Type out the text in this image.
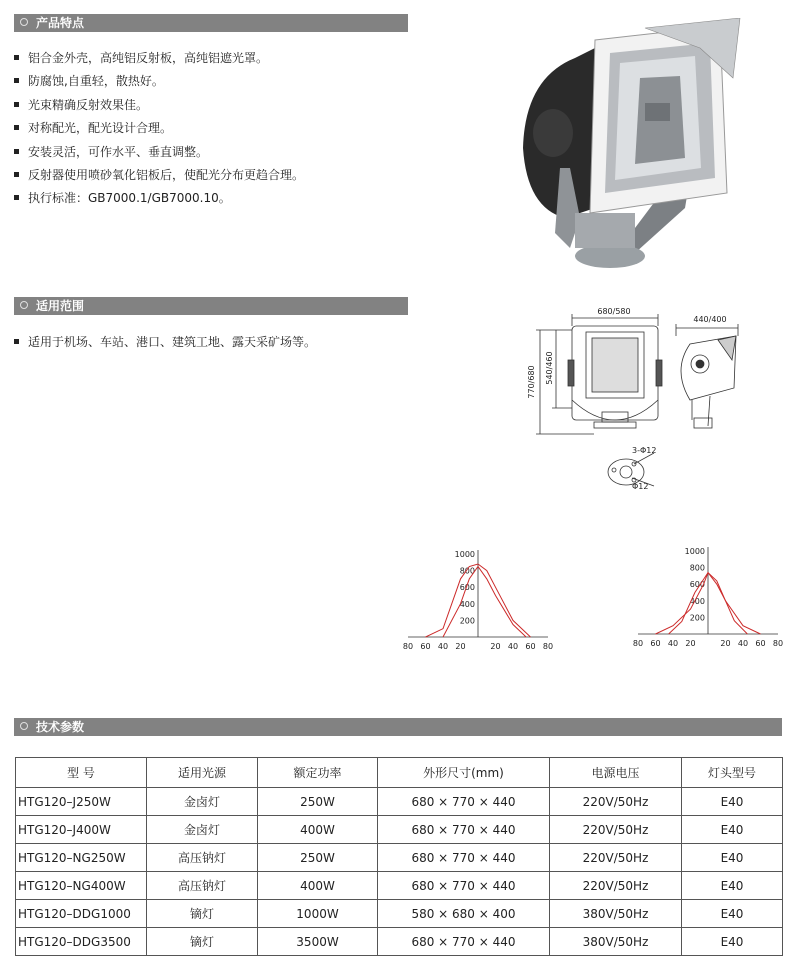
产品特点
适用范围
技术参数
铝合金外壳，高纯铝反射板，高纯铝遮光罩。
防腐蚀,自重轻，散热好。
光束精确反射效果佳。
对称配光，配光设计合理。
安装灵活，可作水平、垂直调整。
反射器使用喷砂氧化铝板后，使配光分布更趋合理。
执行标准：GB7000.1/GB7000.10。
适用于机场、车站、港口、建筑工地、露天采矿场等。
680/580
440/400
770/680 540/460
3-Φ12
Φ12
80 60 40 20	20 40 60 80
1000
800
600
400
200
80 60 40 20	20 40 60 80
1000
800
600
400
200
型 号	适用光源	额定功率	外形尺寸(mm)	电源电压	灯头型号
HTG120–J250W	金卤灯	250W	680 × 770 × 440	220V/50Hz	E40
HTG120–J400W	金卤灯	400W	680 × 770 × 440	220V/50Hz	E40
HTG120–NG250W	高压钠灯	250W	680 × 770 × 440	220V/50Hz	E40
HTG120–NG400W	高压钠灯	400W	680 × 770 × 440	220V/50Hz	E40
HTG120–DDG1000	镝灯	1000W	580 × 680 × 400	380V/50Hz	E40
HTG120–DDG3500	镝灯	3500W	680 × 770 × 440	380V/50Hz	E40
